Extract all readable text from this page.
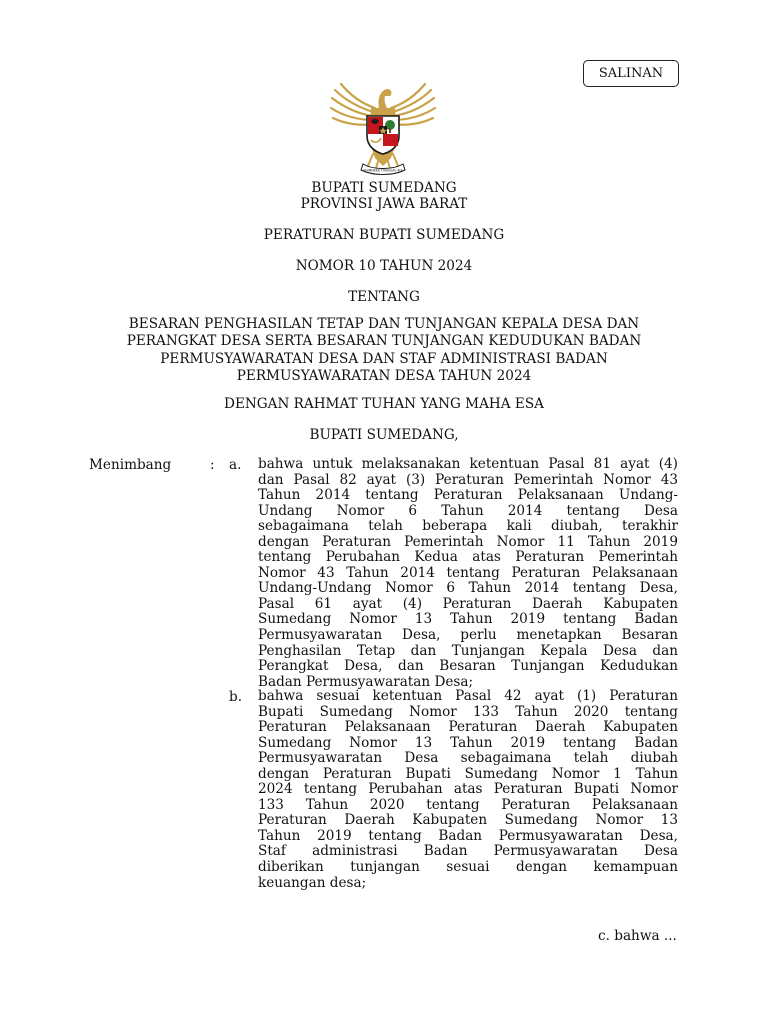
SALINAN
BHINNEKA TUNGGAL IKA
BUPATI SUMEDANG
PROVINSI JAWA BARAT
PERATURAN BUPATI SUMEDANG
NOMOR 10 TAHUN 2024
TENTANG
BESARAN PENGHASILAN TETAP DAN TUNJANGAN KEPALA DESA DAN
PERANGKAT DESA SERTA BESARAN TUNJANGAN KEDUDUKAN BADAN
PERMUSYAWARATAN DESA DAN STAF ADMINISTRASI BADAN
PERMUSYAWARATAN DESA TAHUN 2024
DENGAN RAHMAT TUHAN YANG MAHA ESA
BUPATI SUMEDANG,
Menimbang	: a. bahwa untuk melaksanakan ketentuan Pasal 81 ayat (4)
dan Pasal 82 ayat (3) Peraturan Pemerintah Nomor 43
Tahun 2014 tentang Peraturan Pelaksanaan Undang-
Undang Nomor 6 Tahun 2014 tentang Desa
sebagaimana telah beberapa kali diubah, terakhir
dengan Peraturan Pemerintah Nomor 11 Tahun 2019
tentang Perubahan Kedua atas Peraturan Pemerintah
Nomor 43 Tahun 2014 tentang Peraturan Pelaksanaan
Undang-Undang Nomor 6 Tahun 2014 tentang Desa,
Pasal 61 ayat (4) Peraturan Daerah Kabupaten
Sumedang Nomor 13 Tahun 2019 tentang Badan
Permusyawaratan Desa, perlu menetapkan Besaran
Penghasilan Tetap dan Tunjangan Kepala Desa dan
Perangkat Desa, dan Besaran Tunjangan Kedudukan
Badan Permusyawaratan Desa;
b. bahwa sesuai ketentuan Pasal 42 ayat (1) Peraturan
Bupati Sumedang Nomor 133 Tahun 2020 tentang
Peraturan Pelaksanaan Peraturan Daerah Kabupaten
Sumedang Nomor 13 Tahun 2019 tentang Badan
Permusyawaratan Desa sebagaimana telah diubah
dengan Peraturan Bupati Sumedang Nomor 1 Tahun
2024 tentang Perubahan atas Peraturan Bupati Nomor
133 Tahun 2020 tentang Peraturan Pelaksanaan
Peraturan Daerah Kabupaten Sumedang Nomor 13
Tahun 2019 tentang Badan Permusyawaratan Desa,
Staf administrasi Badan Permusyawaratan Desa
diberikan tunjangan sesuai dengan kemampuan
keuangan desa;
c. bahwa ...
